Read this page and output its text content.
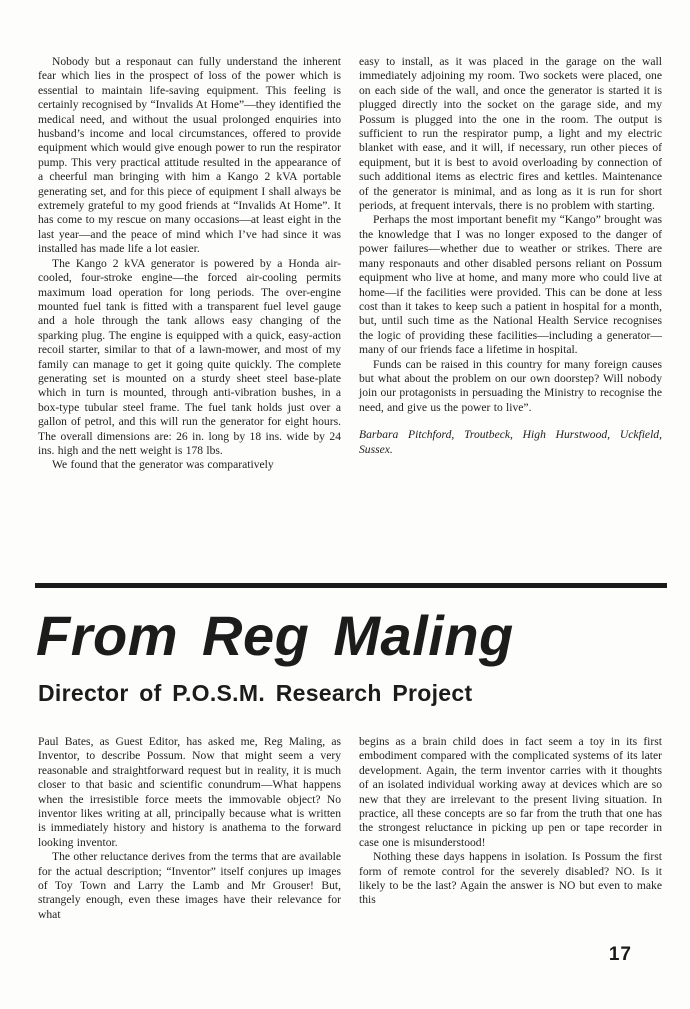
Nobody but a responaut can fully understand the inherent fear which lies in the prospect of loss of the power which is essential to maintain life-saving equipment. This feeling is certainly recognised by “Invalids At Home”—they identified the medical need, and without the usual prolonged enquiries into husband’s income and local circumstances, offered to provide equipment which would give enough power to run the respirator pump. This very practical attitude resulted in the appearance of a cheerful man bringing with him a Kango 2 kVA portable generating set, and for this piece of equipment I shall always be extremely grateful to my good friends at “Invalids At Home”. It has come to my rescue on many occasions—at least eight in the last year—and the peace of mind which I’ve had since it was installed has made life a lot easier.

The Kango 2 kVA generator is powered by a Honda air-cooled, four-stroke engine—the forced air-cooling permits maximum load operation for long periods. The over-engine mounted fuel tank is fitted with a transparent fuel level gauge and a hole through the tank allows easy changing of the sparking plug. The engine is equipped with a quick, easy-action recoil starter, similar to that of a lawn-mower, and most of my family can manage to get it going quite quickly. The complete generating set is mounted on a sturdy sheet steel base-plate which in turn is mounted, through anti-vibration bushes, in a box-type tubular steel frame. The fuel tank holds just over a gallon of petrol, and this will run the generator for eight hours. The overall dimensions are: 26 in. long by 18 ins. wide by 24 ins. high and the nett weight is 178 lbs.

We found that the generator was comparatively

easy to install, as it was placed in the garage on the wall immediately adjoining my room. Two sockets were placed, one on each side of the wall, and once the generator is started it is plugged directly into the socket on the garage side, and my Possum is plugged into the one in the room. The output is sufficient to run the respirator pump, a light and my electric blanket with ease, and it will, if necessary, run other pieces of equipment, but it is best to avoid overloading by connection of such additional items as electric fires and kettles. Maintenance of the generator is minimal, and as long as it is run for short periods, at frequent intervals, there is no problem with starting.

Perhaps the most important benefit my “Kango” brought was the knowledge that I was no longer exposed to the danger of power failures—whether due to weather or strikes. There are many responauts and other disabled persons reliant on Possum equipment who live at home, and many more who could live at home—if the facilities were provided. This can be done at less cost than it takes to keep such a patient in hospital for a month, but, until such time as the National Health Service recognises the logic of providing these facilities—including a generator—many of our friends face a lifetime in hospital.

Funds can be raised in this country for many foreign causes but what about the problem on our own doorstep? Will nobody join our protagonists in persuading the Ministry to recognise the need, and give us the power to live”.

Barbara Pitchford, Troutbeck, High Hurstwood, Uckfield, Sussex.

From Reg Maling
Director of P.O.S.M. Research Project

Paul Bates, as Guest Editor, has asked me, Reg Maling, as Inventor, to describe Possum. Now that might seem a very reasonable and straightforward request but in reality, it is much closer to that basic and scientific conundrum—What happens when the irresistible force meets the immovable object? No inventor likes writing at all, principally because what is written is immediately history and history is anathema to the forward looking inventor.

The other reluctance derives from the terms that are available for the actual description; “Inventor” itself conjures up images of Toy Town and Larry the Lamb and Mr Grouser! But, strangely enough, even these images have their relevance for what

begins as a brain child does in fact seem a toy in its first embodiment compared with the complicated systems of its later development. Again, the term inventor carries with it thoughts of an isolated individual working away at devices which are so new that they are irrelevant to the present living situation. In practice, all these concepts are so far from the truth that one has the strongest reluctance in picking up pen or tape recorder in case one is misunderstood!

Nothing these days happens in isolation. Is Possum the first form of remote control for the severely disabled? NO. Is it likely to be the last? Again the answer is NO but even to make this

17
